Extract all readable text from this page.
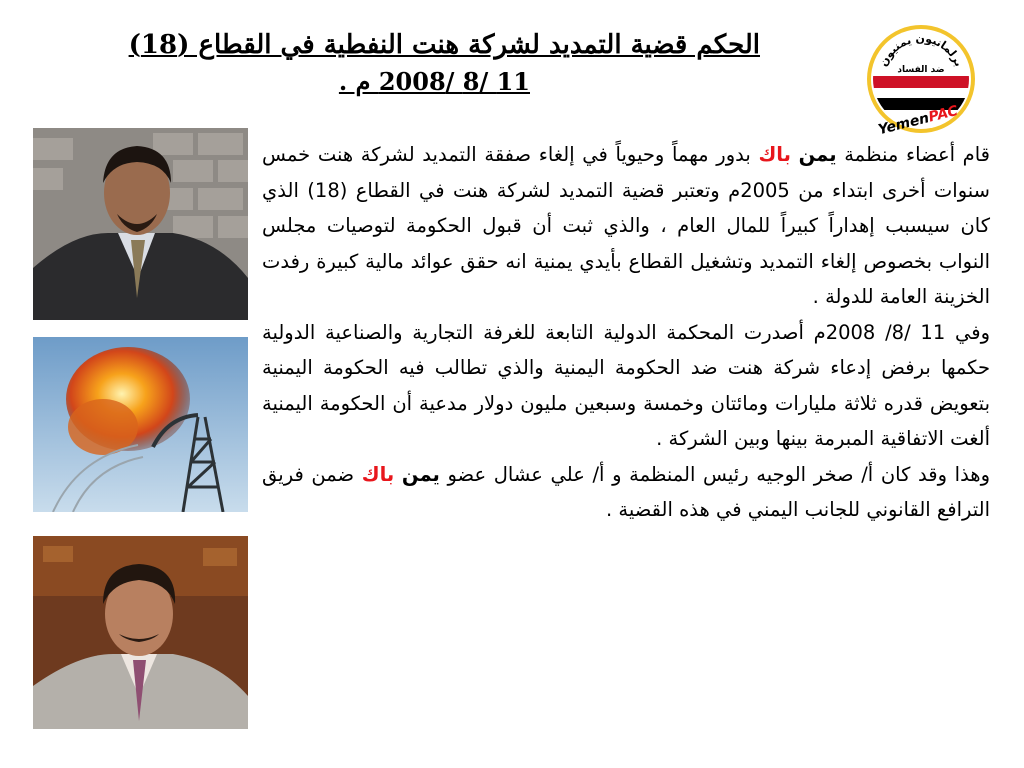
الحكم قضية التمديد لشركة هنت النفطية في القطاع (18)
11 /8 /2008 م .
برلمانيون يمنيون
ضد الفساد
YemenPAC

قام أعضاء منظمة يمن باك بدور مهماً وحيوياً في إلغاء صفقة التمديد لشركة هنت خمس سنوات أخرى ابتداء من 2005م وتعتبر قضية التمديد لشركة هنت في القطاع (18) الذي كان سيسبب إهداراً كبيراً للمال العام ، والذي ثبت أن قبول الحكومة لتوصيات مجلس النواب بخصوص إلغاء التمديد وتشغيل القطاع بأيدي يمنية انه حقق عوائد مالية كبيرة رفدت الخزينة العامة للدولة .

وفي 11 /8/ 2008م أصدرت المحكمة الدولية التابعة للغرفة التجارية والصناعية الدولية حكمها برفض إدعاء شركة هنت ضد الحكومة اليمنية والذي تطالب فيه الحكومة اليمنية بتعويض قدره ثلاثة مليارات ومائتان وخمسة وسبعين مليون دولار مدعية أن الحكومة اليمنية ألغت الاتفاقية المبرمة بينها وبين الشركة .

وهذا وقد كان أ/ صخر الوجيه رئيس المنظمة و أ/ علي عشال عضو يمن باك ضمن فريق الترافع القانوني للجانب اليمني في هذه القضية .
